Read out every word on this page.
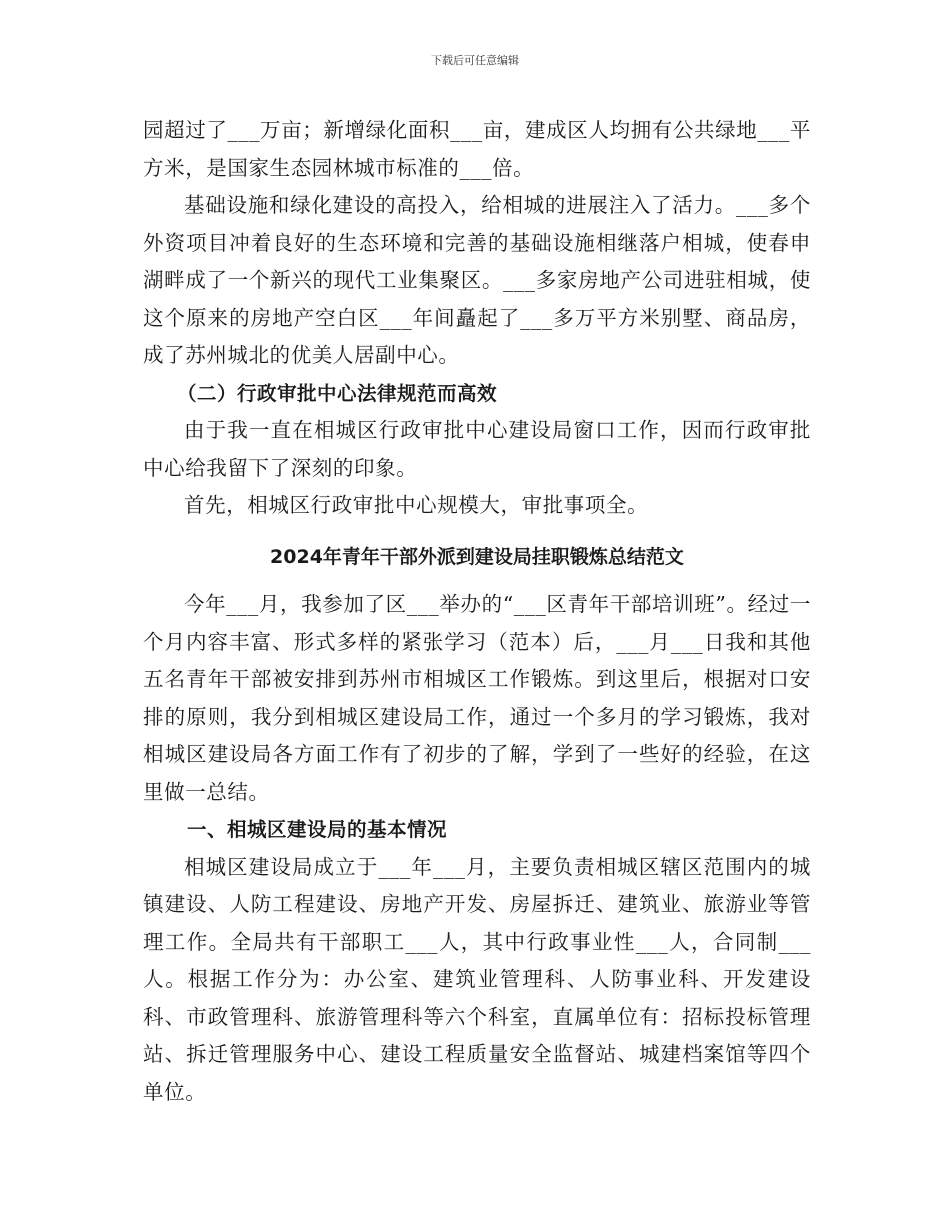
下载后可任意编辑

园超过了___万亩；新增绿化面积___亩，建成区人均拥有公共绿地___平方米，是国家生态园林城市标准的___倍。

基础设施和绿化建设的高投入，给相城的进展注入了活力。___多个外资项目冲着良好的生态环境和完善的基础设施相继落户相城，使春申湖畔成了一个新兴的现代工业集聚区。___多家房地产公司进驻相城，使这个原来的房地产空白区___年间矗起了___多万平方米别墅、商品房，成了苏州城北的优美人居副中心。

（二）行政审批中心法律规范而高效

由于我一直在相城区行政审批中心建设局窗口工作，因而行政审批中心给我留下了深刻的印象。

首先，相城区行政审批中心规模大，审批事项全。

2024年青年干部外派到建设局挂职锻炼总结范文

今年___月，我参加了区___举办的“___区青年干部培训班”。经过一个月内容丰富、形式多样的紧张学习（范本）后，___月___日我和其他五名青年干部被安排到苏州市相城区工作锻炼。到这里后，根据对口安排的原则，我分到相城区建设局工作，通过一个多月的学习锻炼，我对相城区建设局各方面工作有了初步的了解，学到了一些好的经验，在这里做一总结。

一、相城区建设局的基本情况

相城区建设局成立于___年___月，主要负责相城区辖区范围内的城镇建设、人防工程建设、房地产开发、房屋拆迁、建筑业、旅游业等管理工作。全局共有干部职工___人，其中行政事业性___人，合同制___人。根据工作分为：办公室、建筑业管理科、人防事业科、开发建设科、市政管理科、旅游管理科等六个科室，直属单位有：招标投标管理站、拆迁管理服务中心、建设工程质量安全监督站、城建档案馆等四个单位。
